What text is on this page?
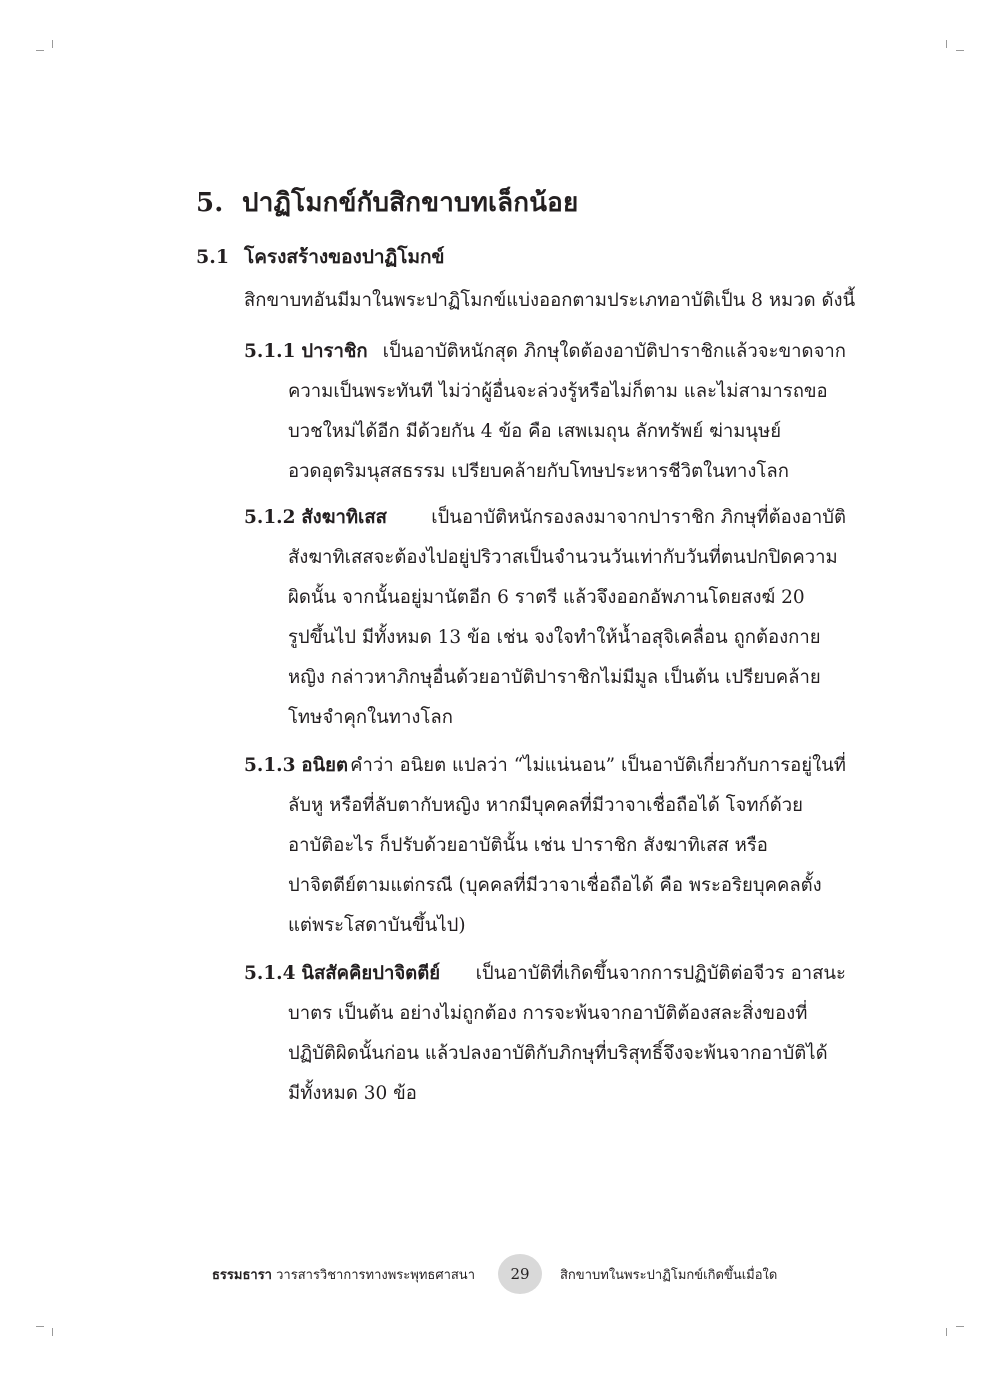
5. ปาฏิโมกข์กับสิกขาบทเล็กน้อย
5.1 โครงสร้างของปาฏิโมกข์
สิกขาบทอันมีมาในพระปาฏิโมกข์แบ่งออกตามประเภทอาบัติเป็น 8 หมวด ดังนี้
5.1.1 ปาราชิก เป็นอาบัติหนักสุด ภิกษุใดต้องอาบัติปาราชิกแล้วจะขาดจาก
ความเป็นพระทันที ไม่ว่าผู้อื่นจะล่วงรู้หรือไม่ก็ตาม และไม่สามารถขอ
บวชใหม่ได้อีก มีด้วยกัน 4 ข้อ คือ เสพเมถุน ลักทรัพย์ ฆ่ามนุษย์
อวดอุตริมนุสสธรรม เปรียบคล้ายกับโทษประหารชีวิตในทางโลก
5.1.2 สังฆาทิเสส เป็นอาบัติหนักรองลงมาจากปาราชิก ภิกษุที่ต้องอาบัติ
สังฆาทิเสสจะต้องไปอยู่ปริวาสเป็นจำนวนวันเท่ากับวันที่ตนปกปิดความ
ผิดนั้น จากนั้นอยู่มานัตอีก 6 ราตรี แล้วจึงออกอัพภานโดยสงฆ์ 20
รูปขึ้นไป มีทั้งหมด 13 ข้อ เช่น จงใจทำให้น้ำอสุจิเคลื่อน ถูกต้องกาย
หญิง กล่าวหาภิกษุอื่นด้วยอาบัติปาราชิกไม่มีมูล เป็นต้น เปรียบคล้าย
โทษจำคุกในทางโลก
5.1.3 อนิยต คำว่า อนิยต แปลว่า “ไม่แน่นอน” เป็นอาบัติเกี่ยวกับการอยู่ในที่
ลับหู หรือที่ลับตากับหญิง หากมีบุคคลที่มีวาจาเชื่อถือได้ โจทก์ด้วย
อาบัติอะไร ก็ปรับด้วยอาบัตินั้น เช่น ปาราชิก สังฆาทิเสส หรือ
ปาจิตตีย์ตามแต่กรณี (บุคคลที่มีวาจาเชื่อถือได้ คือ พระอริยบุคคลตั้ง
แต่พระโสดาบันขึ้นไป)
5.1.4 นิสสัคคิยปาจิตตีย์ เป็นอาบัติที่เกิดขึ้นจากการปฏิบัติต่อจีวร อาสนะ
บาตร เป็นต้น อย่างไม่ถูกต้อง การจะพ้นจากอาบัติต้องสละสิ่งของที่
ปฏิบัติผิดนั้นก่อน แล้วปลงอาบัติกับภิกษุที่บริสุทธิ์จึงจะพ้นจากอาบัติได้
มีทั้งหมด 30 ข้อ
ธรรมธารา วารสารวิชาการทางพระพุทธศาสนา	29	สิกขาบทในพระปาฏิโมกข์เกิดขึ้นเมื่อใด
